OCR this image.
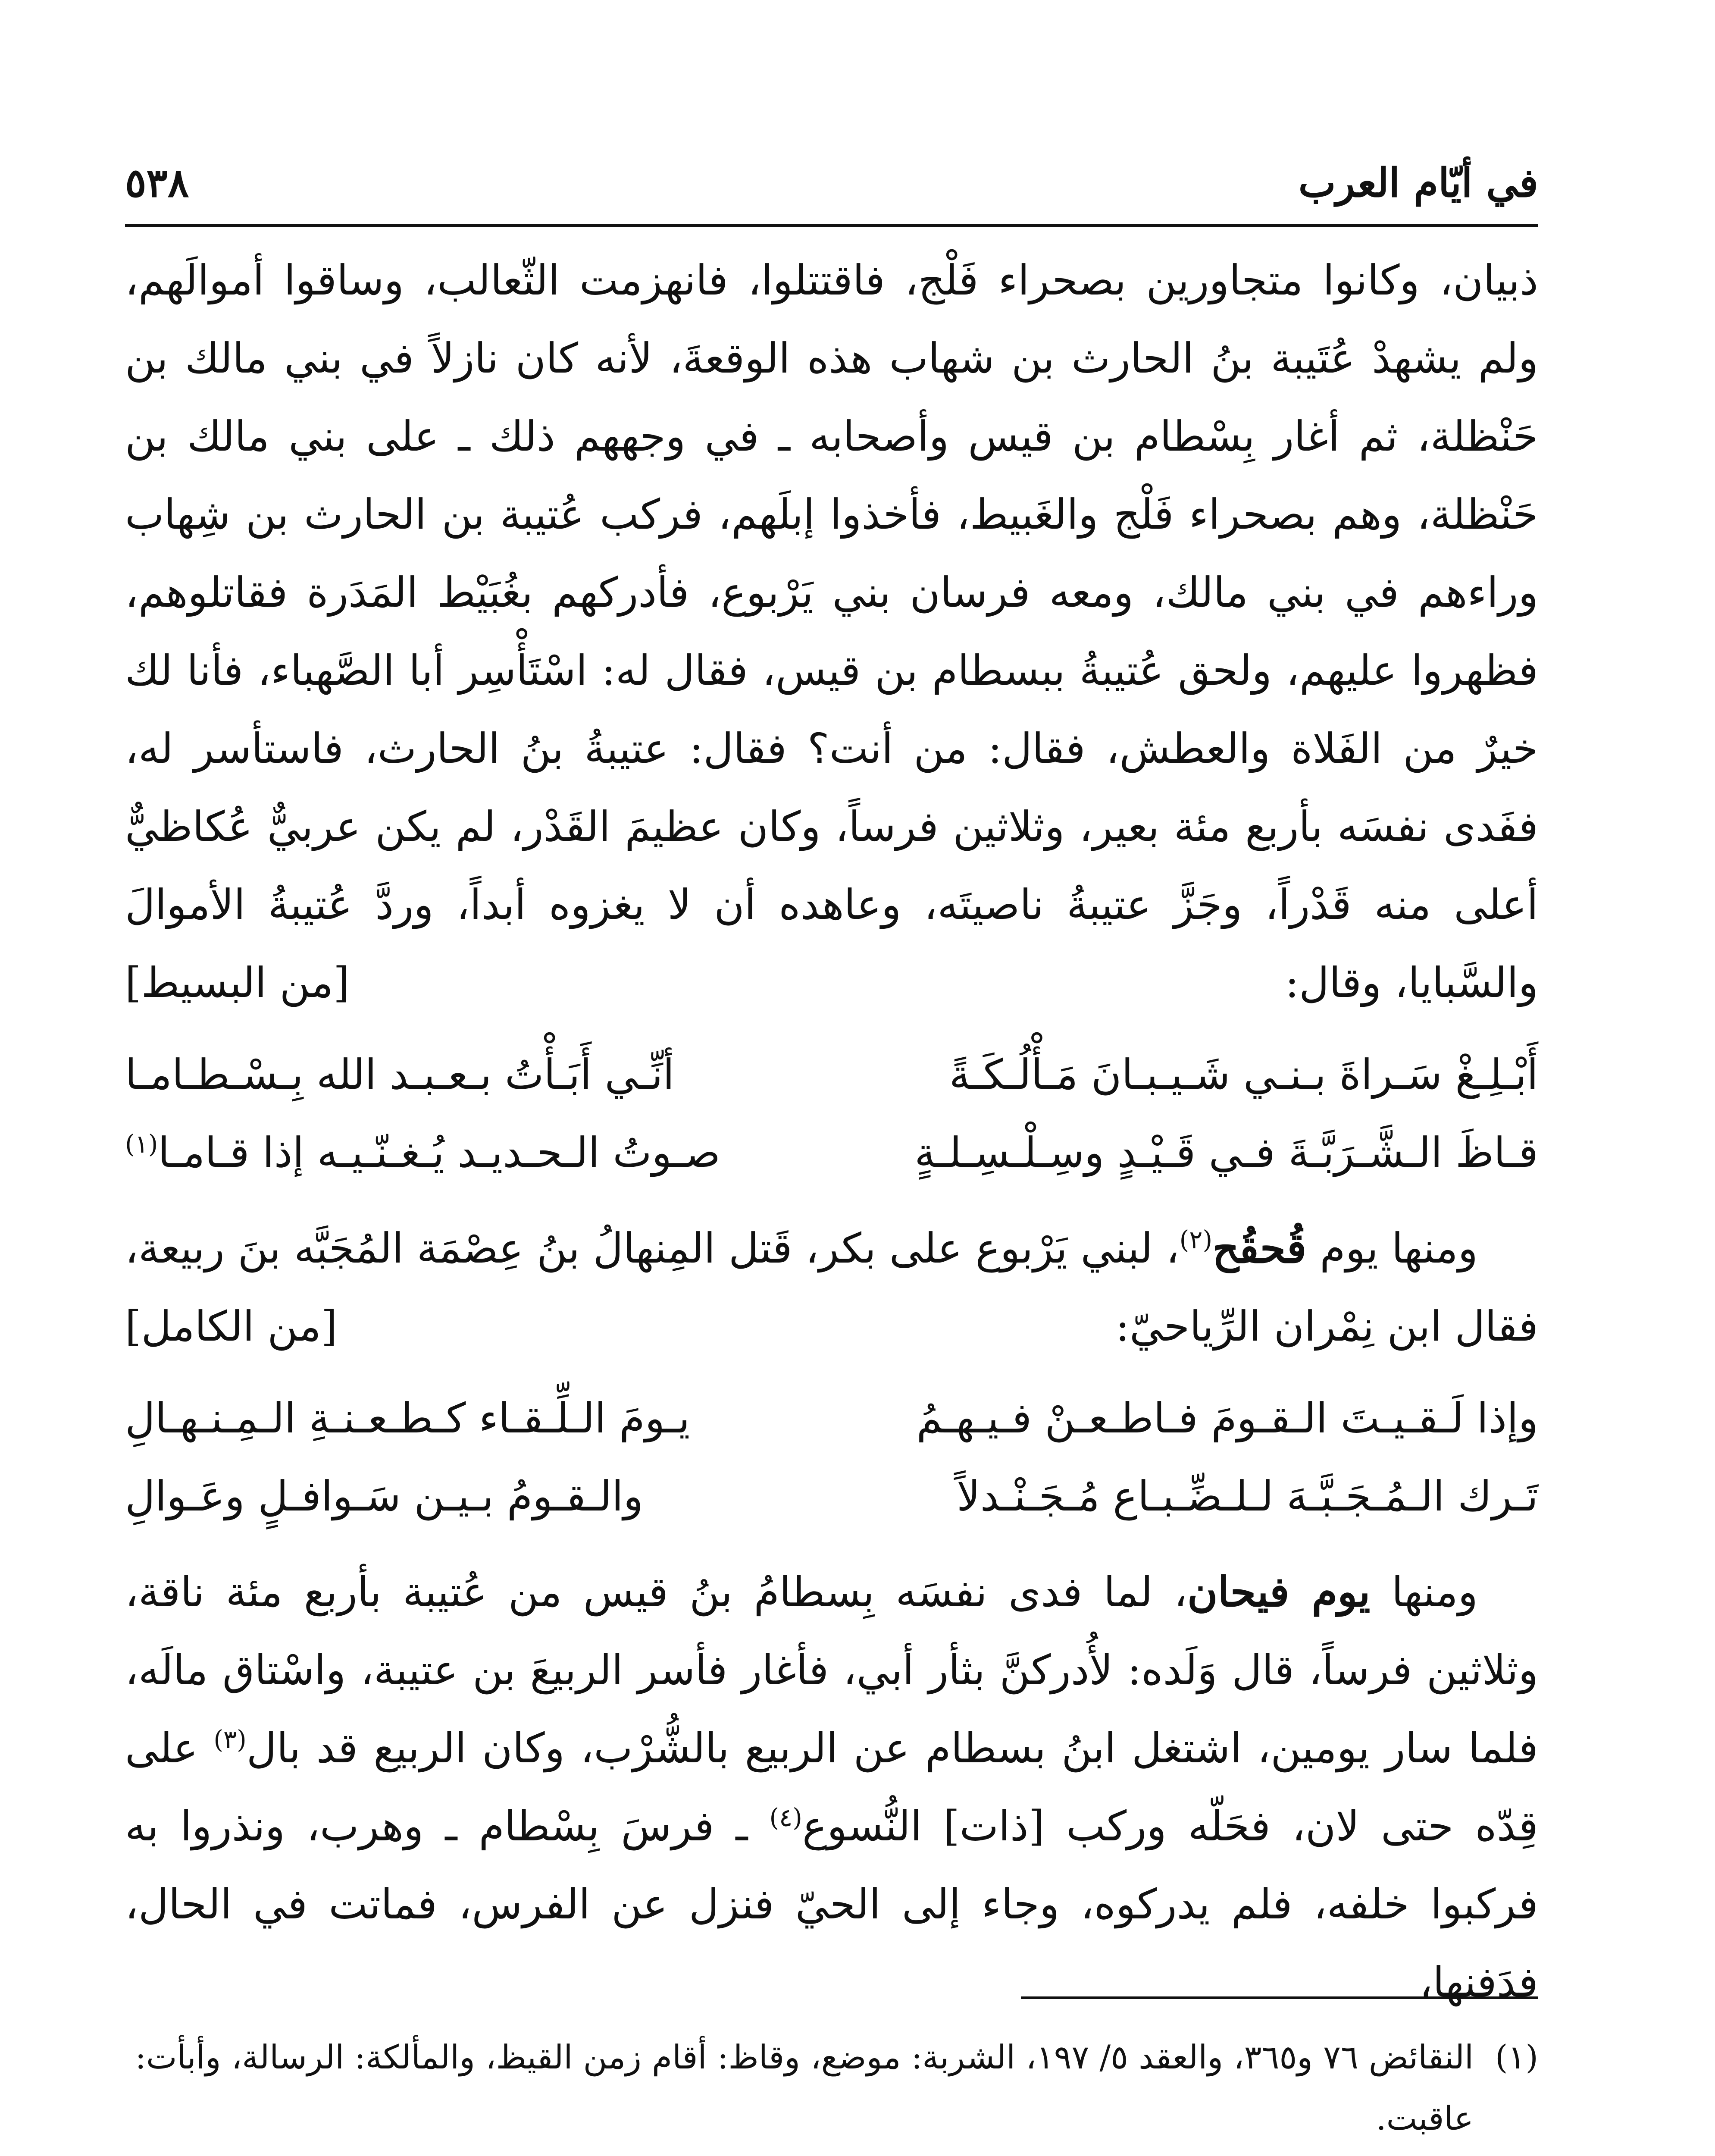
في أيّام العرب
٥٣٨

ذبيان، وكانوا متجاورين بصحراء فَلْج، فاقتتلوا، فانهزمت الثّعالب، وساقوا أموالَهم، ولم يشهدْ عُتَيبة بنُ الحارث بن شهاب هذه الوقعةَ، لأنه كان نازلاً في بني مالك بن حَنْظلة، ثم أغار بِسْطام بن قيس وأصحابه ـ في وجههم ذلك ـ على بني مالك بن حَنْظلة، وهم بصحراء فَلْج والغَبيط، فأخذوا إبلَهم، فركب عُتيبة بن الحارث بن شِهاب وراءهم في بني مالك، ومعه فرسان بني يَرْبوع، فأدركهم بغُبَيْط المَدَرة فقاتلوهم، فظهروا عليهم، ولحق عُتيبةُ ببسطام بن قيس، فقال له: اسْتَأْسِر أبا الصَّهباء، فأنا لك خيرٌ من الفَلاة والعطش، فقال: من أنت؟ فقال: عتيبةُ بنُ الحارث، فاستأسر له، ففَدى نفسَه بأربع مئة بعير، وثلاثين فرساً، وكان عظيمَ القَدْر، لم يكن عربيٌّ عُكاظيٌّ أعلى منه قَدْراً، وجَزَّ عتيبةُ ناصيتَه، وعاهده أن لا يغزوه أبداً، وردَّ عُتيبةُ الأموالَ والسَّبايا، وقال:
[من البسيط]

أَبْـلِـغْ سَـراةَ بـنـي شَـيـبـانَ مَـأْلُـكَـةً
أنِّـي أَبَـأْتُ بـعـبـد الله بِـسْـطـامـا
قـاظَ الـشَّـرَبَّـةَ فـي قَـيْـدٍ وسِـلْـسِـلـةٍ
صـوتُ الـحـديـد يُـغـنّـيـه إذا قـامـا$^{(١)}$

ومنها يوم قُحقُح$^{(٢)}$، لبني يَرْبوع على بكر، قَتل المِنهالُ بنُ عِصْمَة المُجَبَّه بنَ ربيعة، فقال ابن نِمْران الرِّياحيّ:
[من الكامل]

وإذا لَـقـيـتَ الـقـومَ فـاطـعـنْ فـيـهـمُ
يـومَ الـلِّـقـاء كـطـعـنـةِ الـمِـنـهـالِ
تَـرك الـمُـجَـبَّـهَ لـلـضِّـبـاع مُـجَـنْـدلاً
والـقـومُ بـيـن سَـوافـلٍ وعَـوالِ

ومنها يوم فيحان، لما فدى نفسَه بِسطامُ بنُ قيس من عُتيبة بأربع مئة ناقة، وثلاثين فرساً، قال وَلَده: لأُدركنَّ بثأر أبي، فأغار فأسر الربيعَ بن عتيبة، واسْتاق مالَه، فلما سار يومين، اشتغل ابنُ بسطام عن الربيع بالشُّرْب، وكان الربيع قد بال$^{(٣)}$ على قِدّه حتى لان، فحَلّه وركب [ذات] النُّسوع$^{(٤)}$ ـ فرسَ بِسْطام ـ وهرب، ونذروا به فركبوا خلفه، فلم يدركوه، وجاء إلى الحيّ فنزل عن الفرس، فماتت في الحال، فدَفنها،

(١)
النقائض ٧٦ و٣٦٥، والعقد ٥/ ١٩٧، الشربة: موضع، وقاظ: أقام زمن القيظ، والمألكة: الرسالة، وأبأت: عاقبت.
